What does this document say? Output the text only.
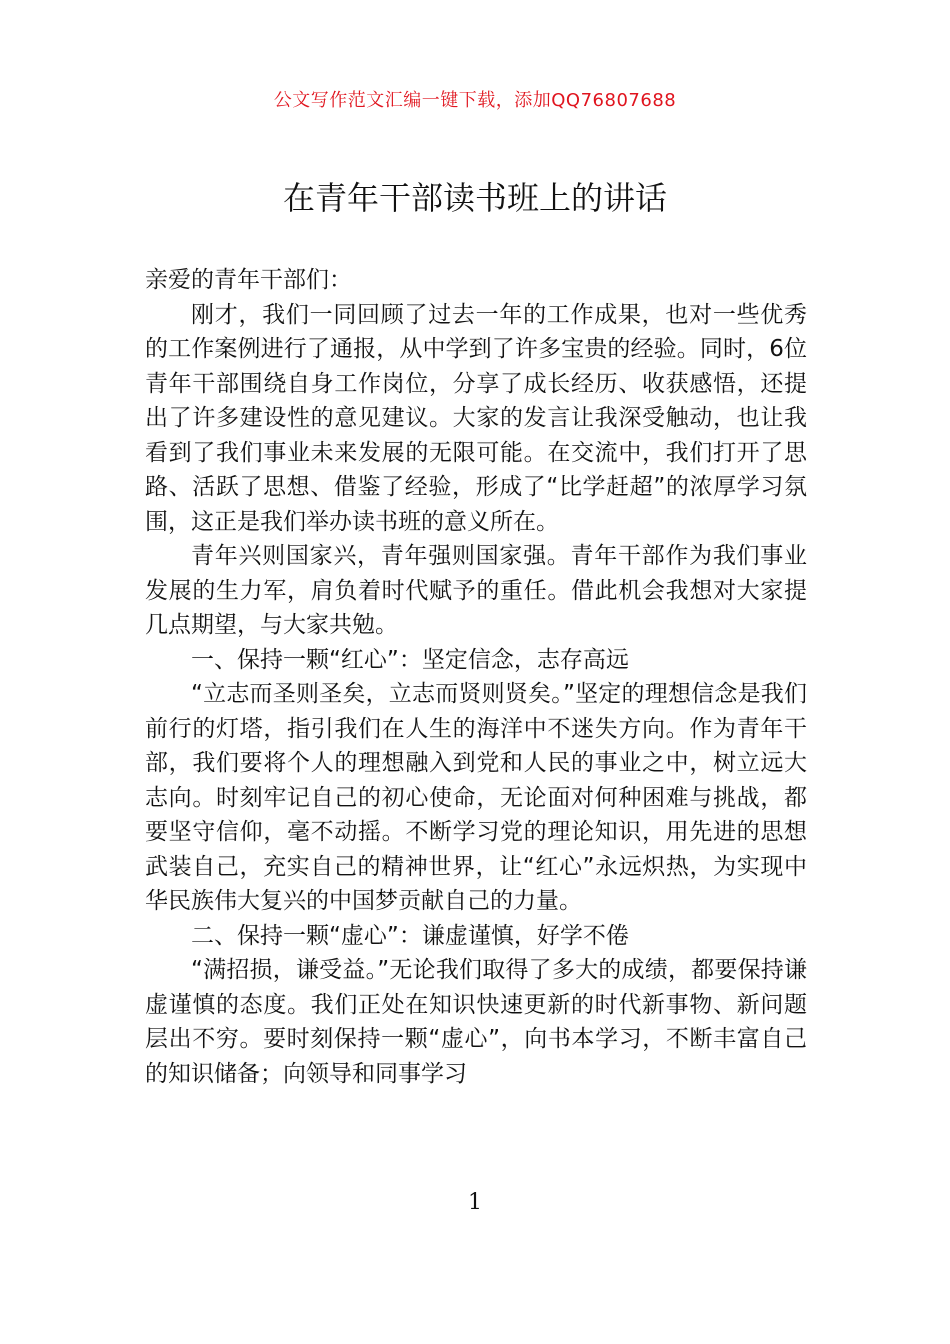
公文写作范文汇编一键下载，添加QQ76807688
在青年干部读书班上的讲话

亲爱的青年干部们：

刚才，我们一同回顾了过去一年的工作成果，也对一些优秀的工作案例进行了通报，从中学到了许多宝贵的经验。同时，6位青年干部围绕自身工作岗位，分享了成长经历、收获感悟，还提出了许多建设性的意见建议。大家的发言让我深受触动，也让我看到了我们事业未来发展的无限可能。在交流中，我们打开了思路、活跃了思想、借鉴了经验，形成了“比学赶超”的浓厚学习氛围，这正是我们举办读书班的意义所在。

青年兴则国家兴，青年强则国家强。青年干部作为我们事业发展的生力军，肩负着时代赋予的重任。借此机会我想对大家提几点期望，与大家共勉。

一、保持一颗“红心”：坚定信念，志存高远

“立志而圣则圣矣，立志而贤则贤矣。”坚定的理想信念是我们前行的灯塔，指引我们在人生的海洋中不迷失方向。作为青年干部，我们要将个人的理想融入到党和人民的事业之中，树立远大志向。时刻牢记自己的初心使命，无论面对何种困难与挑战，都要坚守信仰，毫不动摇。不断学习党的理论知识，用先进的思想武装自己，充实自己的精神世界，让“红心”永远炽热，为实现中华民族伟大复兴的中国梦贡献自己的力量。

二、保持一颗“虚心”：谦虚谨慎，好学不倦

“满招损，谦受益。”无论我们取得了多大的成绩，都要保持谦虚谨慎的态度。我们正处在知识快速更新的时代新事物、新问题层出不穷。要时刻保持一颗“虚心”，向书本学习，不断丰富自己的知识储备；向领导和同事学习

1
